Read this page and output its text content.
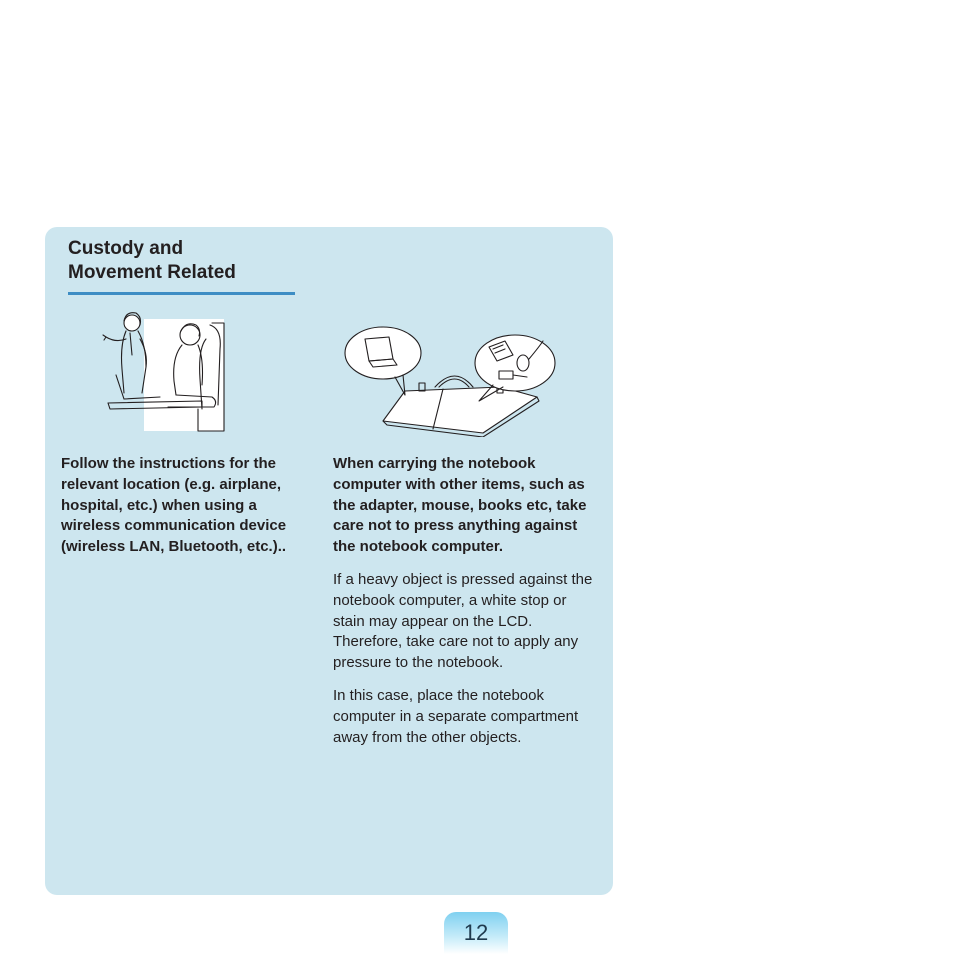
Custody and
Movement Related

Follow the instructions for the relevant location (e.g. airplane, hospital, etc.) when using a wireless communication device (wireless LAN, Bluetooth, etc.)..

When carrying the notebook computer with other items, such as the adapter, mouse, books etc, take care not to press anything against the notebook computer.

If a heavy object is pressed against the notebook computer, a white stop or stain may appear on the LCD. Therefore, take care not to apply any pressure to the notebook.

In this case, place the notebook computer in a separate compartment away from the other objects.

12
